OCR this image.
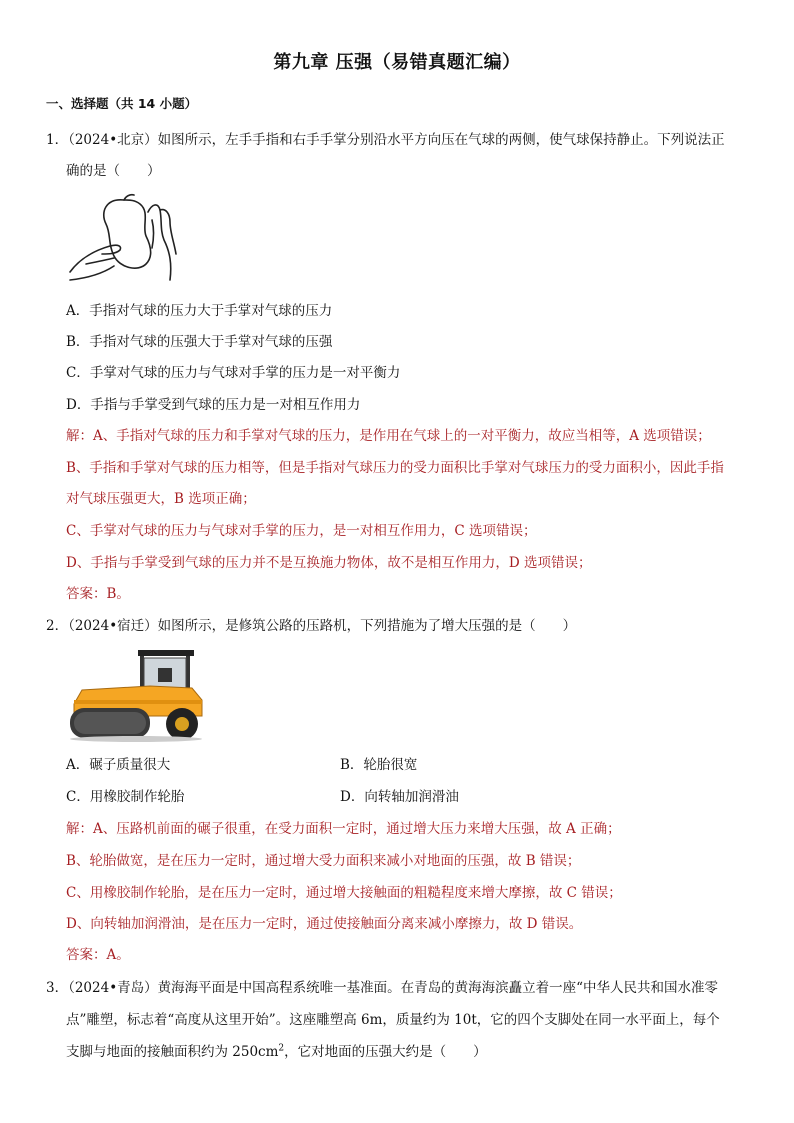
第九章 压强（易错真题汇编）
一、选择题（共 14 小题）
1．（2024•北京）如图所示，左手手指和右手手掌分别沿水平方向压在气球的两侧，使气球保持静止。下列说法正
确的是（　　）
A．手指对气球的压力大于手掌对气球的压力
B．手指对气球的压强大于手掌对气球的压强
C．手掌对气球的压力与气球对手掌的压力是一对平衡力
D．手指与手掌受到气球的压力是一对相互作用力
解：A、手指对气球的压力和手掌对气球的压力，是作用在气球上的一对平衡力，故应当相等，A 选项错误；
B、手指和手掌对气球的压力相等，但是手指对气球压力的受力面积比手掌对气球压力的受力面积小，因此手指
对气球压强更大，B 选项正确；
C、手掌对气球的压力与气球对手掌的压力，是一对相互作用力，C 选项错误；
D、手指与手掌受到气球的压力并不是互换施力物体，故不是相互作用力，D 选项错误；
答案：B。
2．（2024•宿迁）如图所示，是修筑公路的压路机，下列措施为了增大压强的是（　　）
A．碾子质量很大	B．轮胎很宽
C．用橡胶制作轮胎	D．向转轴加润滑油
解：A、压路机前面的碾子很重，在受力面积一定时，通过增大压力来增大压强，故 A 正确；
B、轮胎做宽，是在压力一定时，通过增大受力面积来减小对地面的压强，故 B 错误；
C、用橡胶制作轮胎，是在压力一定时，通过增大接触面的粗糙程度来增大摩擦，故 C 错误；
D、向转轴加润滑油，是在压力一定时，通过使接触面分离来减小摩擦力，故 D 错误。
答案：A。
3．（2024•青岛）黄海海平面是中国高程系统唯一基准面。在青岛的黄海海滨矗立着一座“中华人民共和国水准零
点”雕塑，标志着“高度从这里开始”。这座雕塑高 6m，质量约为 10t，它的四个支脚处在同一水平面上，每个
支脚与地面的接触面积约为 $250cm^2$，它对地面的压强大约是（　　）
